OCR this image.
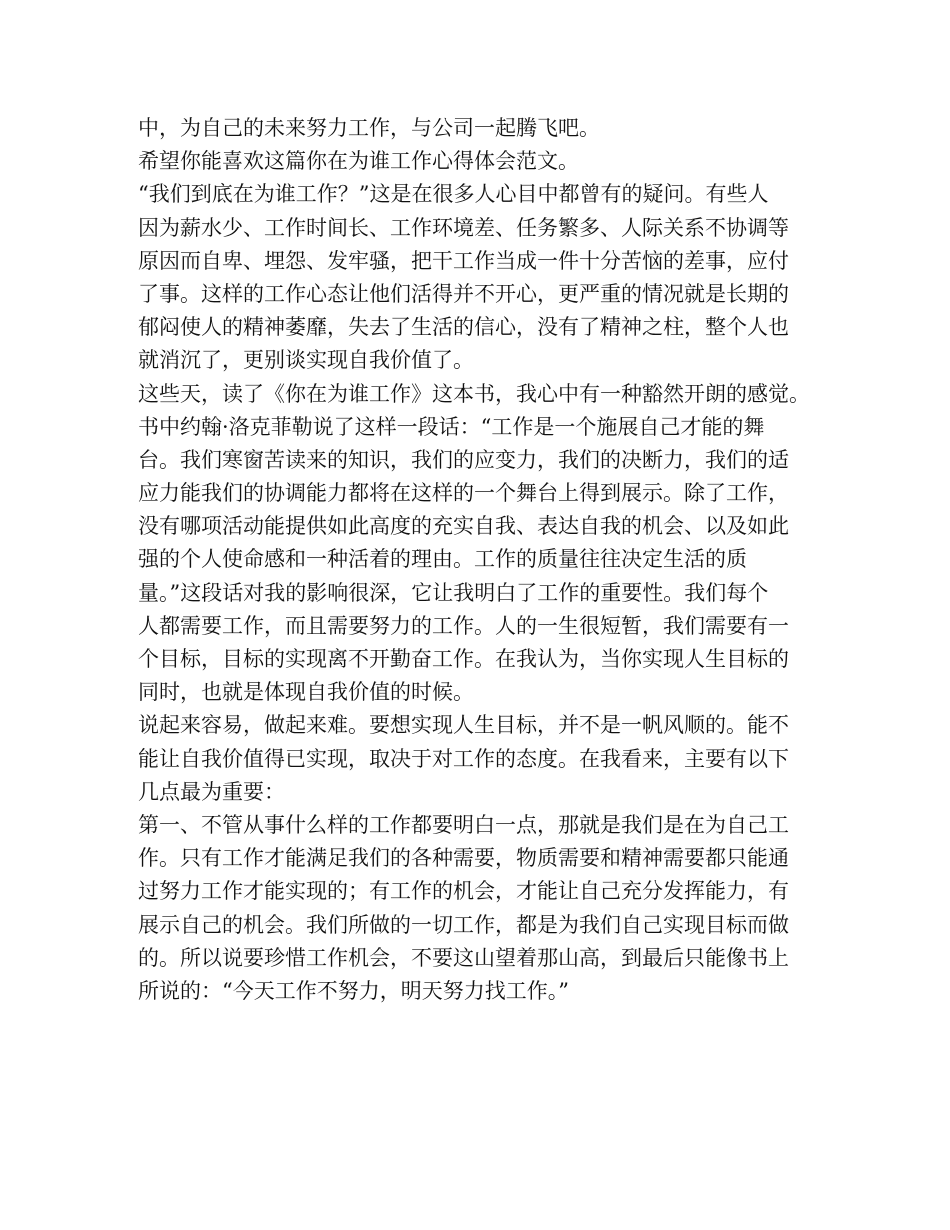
中，为自己的未来努力工作，与公司一起腾飞吧。
希望你能喜欢这篇你在为谁工作心得体会范文。
“我们到底在为谁工作？”这是在很多人心目中都曾有的疑问。有些人
因为薪水少、工作时间长、工作环境差、任务繁多、人际关系不协调等
原因而自卑、埋怨、发牢骚，把干工作当成一件十分苦恼的差事，应付
了事。这样的工作心态让他们活得并不开心，更严重的情况就是长期的
郁闷使人的精神萎靡，失去了生活的信心，没有了精神之柱，整个人也
就消沉了，更别谈实现自我价值了。
这些天，读了《你在为谁工作》这本书，我心中有一种豁然开朗的感觉。
书中约翰·洛克菲勒说了这样一段话：“工作是一个施展自己才能的舞
台。我们寒窗苦读来的知识，我们的应变力，我们的决断力，我们的适
应力能我们的协调能力都将在这样的一个舞台上得到展示。除了工作，
没有哪项活动能提供如此高度的充实自我、表达自我的机会、以及如此
强的个人使命感和一种活着的理由。工作的质量往往决定生活的质
量。”这段话对我的影响很深，它让我明白了工作的重要性。我们每个
人都需要工作，而且需要努力的工作。人的一生很短暂，我们需要有一
个目标，目标的实现离不开勤奋工作。在我认为，当你实现人生目标的
同时，也就是体现自我价值的时候。
说起来容易，做起来难。要想实现人生目标，并不是一帆风顺的。能不
能让自我价值得已实现，取决于对工作的态度。在我看来，主要有以下
几点最为重要：
第一、不管从事什么样的工作都要明白一点，那就是我们是在为自己工
作。只有工作才能满足我们的各种需要，物质需要和精神需要都只能通
过努力工作才能实现的；有工作的机会，才能让自己充分发挥能力，有
展示自己的机会。我们所做的一切工作，都是为我们自己实现目标而做
的。所以说要珍惜工作机会，不要这山望着那山高，到最后只能像书上
所说的：“今天工作不努力，明天努力找工作。”
